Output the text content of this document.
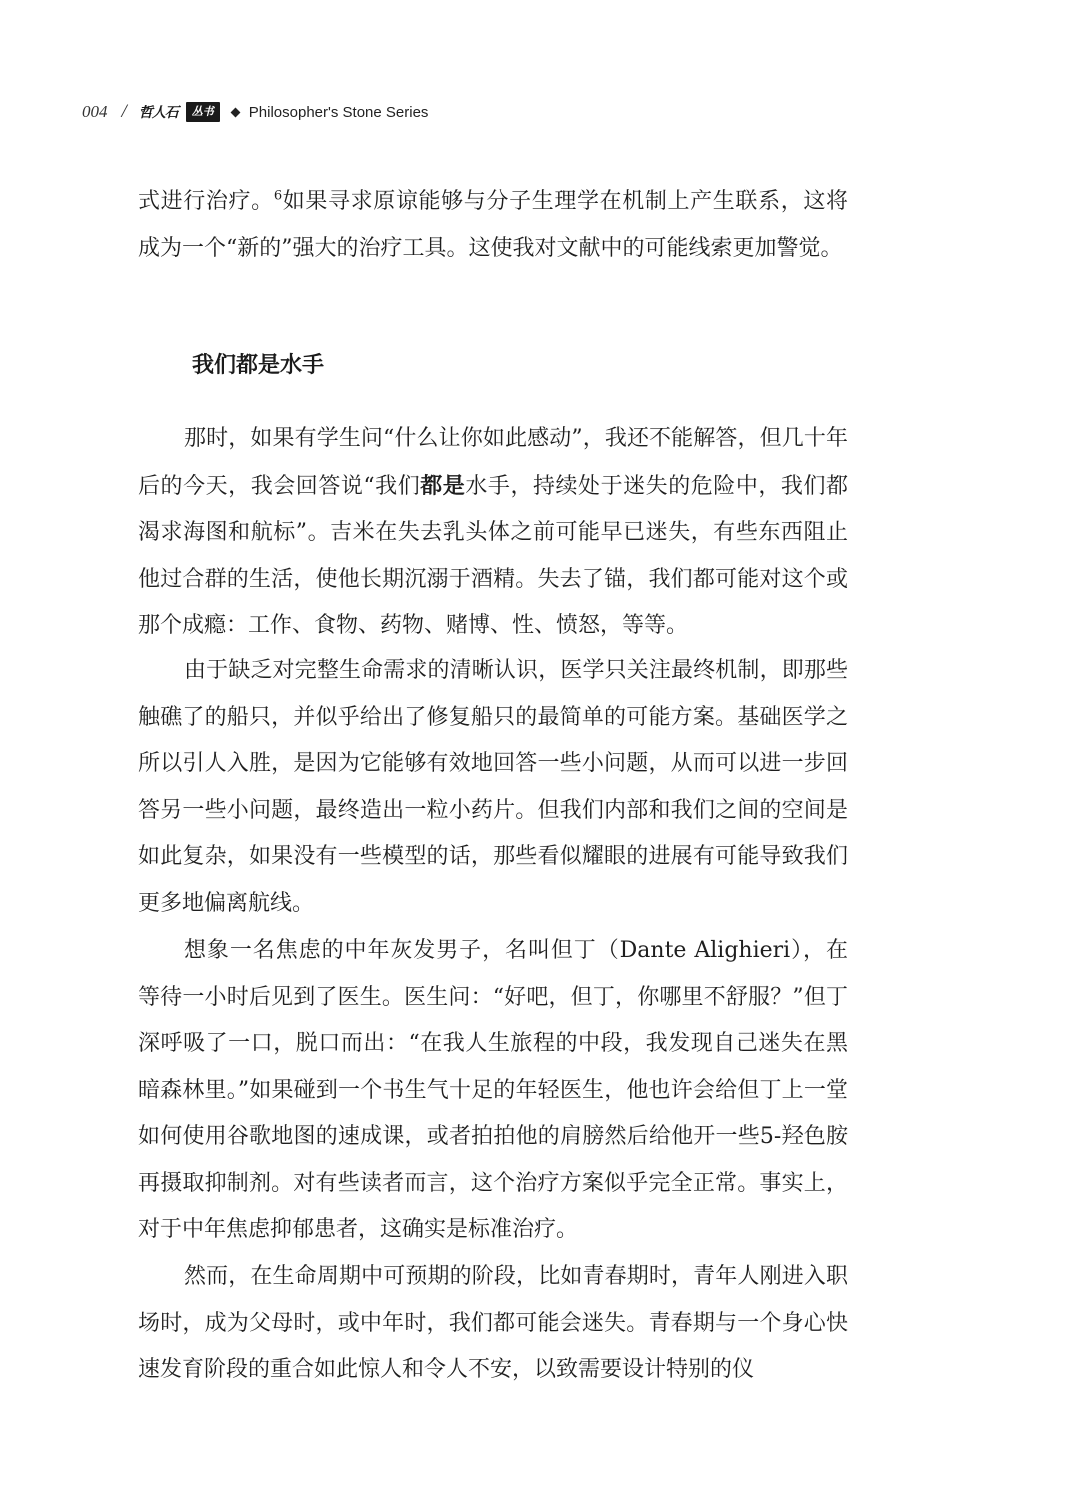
004 / 哲人石	丛书	Philosopher's Stone Series

式进行治疗。$^6$如果寻求原谅能够与分子生理学在机制上产生联系，这将成为一个“新的”强大的治疗工具。这使我对文献中的可能线索更加警觉。

我们都是水手

那时，如果有学生问“什么让你如此感动”，我还不能解答，但几十年后的今天，我会回答说“我们都是水手，持续处于迷失的危险中，我们都渴求海图和航标”。吉米在失去乳头体之前可能早已迷失，有些东西阻止他过合群的生活，使他长期沉溺于酒精。失去了锚，我们都可能对这个或那个成瘾：工作、食物、药物、赌博、性、愤怒，等等。

由于缺乏对完整生命需求的清晰认识，医学只关注最终机制，即那些触礁了的船只，并似乎给出了修复船只的最简单的可能方案。基础医学之所以引人入胜，是因为它能够有效地回答一些小问题，从而可以进一步回答另一些小问题，最终造出一粒小药片。但我们内部和我们之间的空间是如此复杂，如果没有一些模型的话，那些看似耀眼的进展有可能导致我们更多地偏离航线。

想象一名焦虑的中年灰发男子，名叫但丁（Dante Alighieri），在等待一小时后见到了医生。医生问：“好吧，但丁，你哪里不舒服？”但丁深呼吸了一口，脱口而出：“在我人生旅程的中段，我发现自己迷失在黑暗森林里。”如果碰到一个书生气十足的年轻医生，他也许会给但丁上一堂如何使用谷歌地图的速成课，或者拍拍他的肩膀然后给他开一些5-羟色胺再摄取抑制剂。对有些读者而言，这个治疗方案似乎完全正常。事实上，对于中年焦虑抑郁患者，这确实是标准治疗。

然而，在生命周期中可预期的阶段，比如青春期时，青年人刚进入职场时，成为父母时，或中年时，我们都可能会迷失。青春期与一个身心快速发育阶段的重合如此惊人和令人不安，以致需要设计特别的仪
